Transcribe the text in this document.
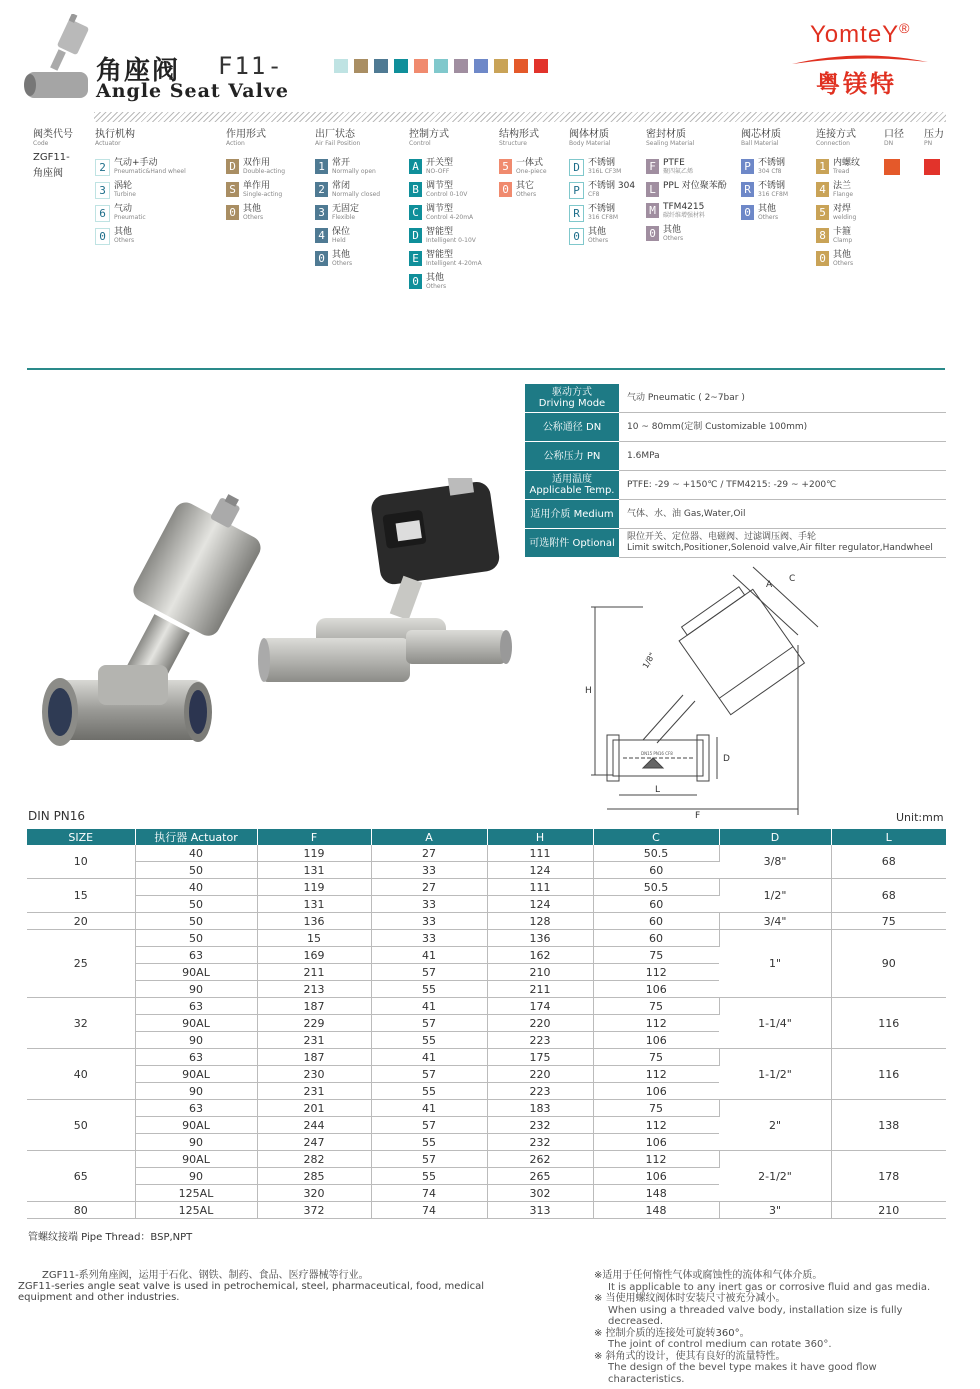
角座阀 F11-
Angle Seat Valve
YomteY®
粤镁特
阀类代号
Code
ZGF11-
角座阀
执行机构
Actuator
2 气动+手动
Pneumatic&Hand wheel
3 涡轮
Turbine
6 气动
Pneumatic
0 其他
Others
作用形式
Action
D 双作用
Double-acting
S 单作用
Single-acting
0 其他
Others
出厂状态
Air Fail Position
1 常开
Normally open
2 常闭
Normally closed
3 无固定
Flexible
4 保位
Held
0 其他
Others
控制方式
Control
A 开关型
NO-OFF
B 调节型
Control 0-10V
C 调节型
Control 4-20mA
D 智能型
Intelligent 0-10V
E 智能型
Intelligent 4-20mA
0 其他
Others
结构形式
Structure
5 一体式
One-piece
0 其它
Others
阀体材质
Body Material
D 不锈钢
316L CF3M
P 不锈钢 304
CF8
R 不锈钢
316 CF8M
0 其他
Others
密封材质
Sealing Material
F PTFE
聚四氟乙烯
L PPL 对位聚苯酚
M TFM4215
碳纤维增强材料
0 其他
Others
阀芯材质
Ball Material
P 不锈钢
304 Cf8
R 不锈钢
316 CF8M
0 其他
Others
连接方式
Connection
1 内螺纹
Tread
4 法兰
Flange
5 对焊
welding
8 卡箍
Clamp
0 其他
Others
口径
DN
压力
PN
驱动方式
Driving Mode	气动 Pneumatic ( 2~7bar )

公称通径 DN	10 ~ 80mm(定制 Customizable 100mm)

公称压力 PN	1.6MPa

适用温度
Applicable Temp.	PTFE: -29 ~ +150℃ / TFM4215: -29 ~ +200℃

适用介质 Medium	气体、水、油 Gas,Water,Oil

可选附件 Optional	限位开关、定位器、电磁阀、过滤调压阀、手轮
Limit switch,Positioner,Solenoid valve,Air filter regulator,Handwheel
H
L
F
D
A
C
1/8"
DN15 PN16 CF8
DIN PN16	Unit:mm
SIZE	执行器 Actuator	F	A	H	C	D	L
10	40	119	27	111	50.5	3/8"	68
	50	131	33	124	60		
15	40	119	27	111	50.5	1/2"	68
	50	131	33	124	60		
20	50	136	33	128	60	3/4"	75
25	50	15	33	136	60	1"	90
	63	169	41	162	75		
	90AL	211	57	210	112		
	90	213	55	211	106		
32	63	187	41	174	75	1-1/4"	116
	90AL	229	57	220	112		
	90	231	55	223	106		
40	63	187	41	175	75	1-1/2"	116
	90AL	230	57	220	112		
	90	231	55	223	106		
50	63	201	41	183	75	2"	138
	90AL	244	57	232	112		
	90	247	55	232	106		
65	90AL	282	57	262	112	2-1/2"	178
	90	285	55	265	106		
	125AL	320	74	302	148		
80	125AL	372	74	313	148	3"	210
管螺纹接端 Pipe Thread：BSP,NPT
ZGF11-系列角座阀，运用于石化、钢铁、制药、食品、医疗器械等行业。
ZGF11-series angle seat valve is used in petrochemical, steel, pharmaceutical, food, medical equipment and other industries.
※适用于任何惰性气体或腐蚀性的流体和气体介质。
It is applicable to any inert gas or corrosive fluid and gas media.
※ 当使用螺纹阀体时安装尺寸被充分减小。
When using a threaded valve body, installation size is fully decreased.
※ 控制介质的连接处可旋转360°。
The joint of control medium can rotate 360°.
※ 斜角式的设计，使其有良好的流量特性。
The design of the bevel type makes it have good flow characteristics.
